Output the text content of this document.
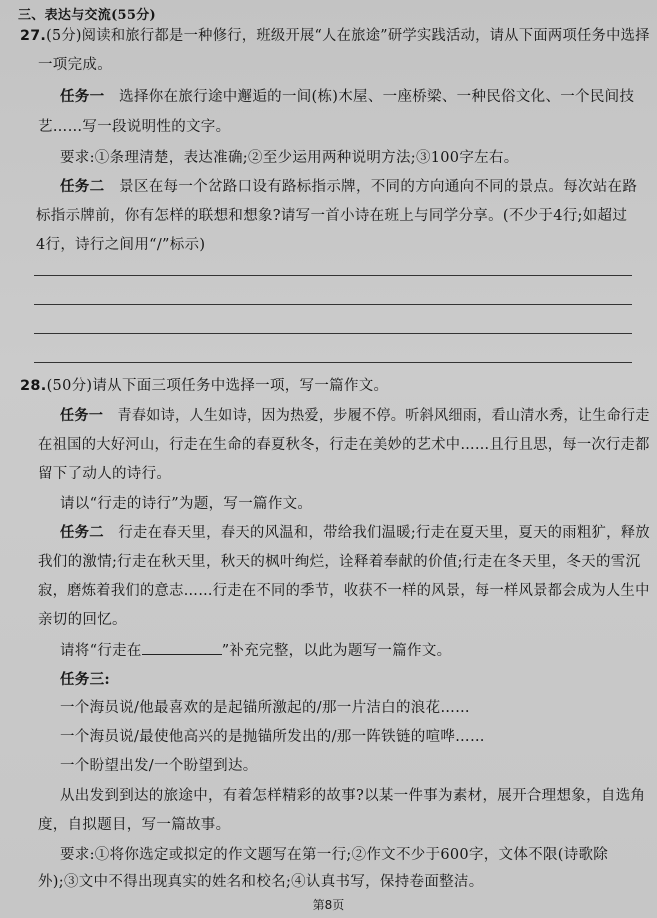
三、表达与交流(55分)
27.(5分)阅读和旅行都是一种修行，班级开展“人在旅途”研学实践活动，请从下面两项任务中选择
一项完成。
任务一 选择你在旅行途中邂逅的一间(栋)木屋、一座桥梁、一种民俗文化、一个民间技
艺……写一段说明性的文字。
要求:①条理清楚，表达准确;②至少运用两种说明方法;③100字左右。
任务二 景区在每一个岔路口设有路标指示牌，不同的方向通向不同的景点。每次站在路
标指示牌前，你有怎样的联想和想象?请写一首小诗在班上与同学分享。(不少于4行;如超过
4行，诗行之间用“/”标示)
28.(50分)请从下面三项任务中选择一项，写一篇作文。
任务一 青春如诗，人生如诗，因为热爱，步履不停。听斜风细雨，看山清水秀，让生命行走
在祖国的大好河山，行走在生命的春夏秋冬，行走在美妙的艺术中……且行且思，每一次行走都
留下了动人的诗行。
请以“行走的诗行”为题，写一篇作文。
任务二 行走在春天里，春天的风温和，带给我们温暖;行走在夏天里，夏天的雨粗犷，释放
我们的激情;行走在秋天里，秋天的枫叶绚烂，诠释着奉献的价值;行走在冬天里，冬天的雪沉
寂，磨炼着我们的意志……行走在不同的季节，收获不一样的风景，每一样风景都会成为人生中
亲切的回忆。
请将“行走在	”补充完整，以此为题写一篇作文。
任务三:
一个海员说/他最喜欢的是起锚所激起的/那一片洁白的浪花……
一个海员说/最使他高兴的是抛锚所发出的/那一阵铁链的喧哗……
一个盼望出发/一个盼望到达。
从出发到到达的旅途中，有着怎样精彩的故事?以某一件事为素材，展开合理想象，自选角
度，自拟题目，写一篇故事。
要求:①将你选定或拟定的作文题写在第一行;②作文不少于600字，文体不限(诗歌除
外);③文中不得出现真实的姓名和校名;④认真书写，保持卷面整洁。
第8页
